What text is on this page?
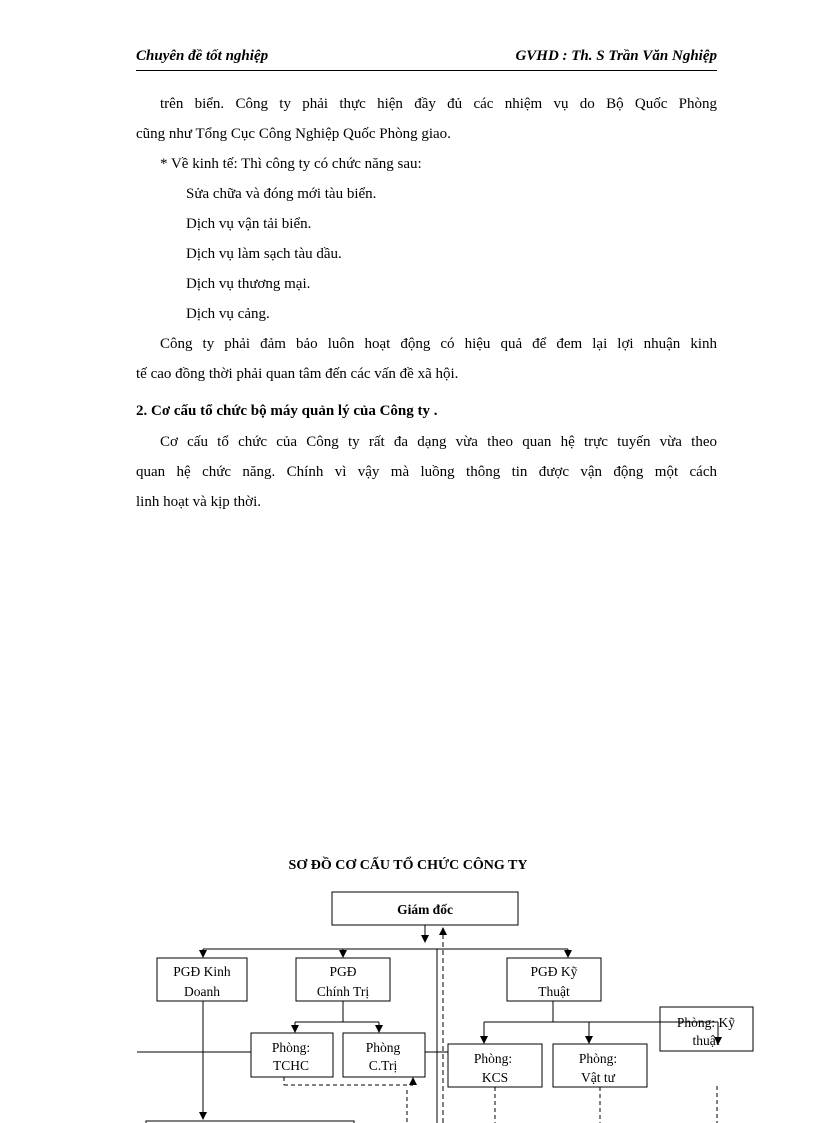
Chuyên đề tốt nghiệp	GVHD : Th. S Trần Văn Nghiệp
trên biển. Công ty phải thực hiện đầy đủ các nhiệm vụ do Bộ Quốc Phòng
cũng như Tổng Cục Công Nghiệp Quốc Phòng giao.
* Về kinh tế: Thì công ty có chức năng sau:
Sửa chữa và đóng mới tàu biển.
Dịch vụ vận tải biển.
Dịch vụ làm sạch tàu dầu.
Dịch vụ thương mại.
Dịch vụ cảng.
Công ty phải đảm bảo luôn hoạt động có hiệu quả để đem lại lợi nhuận kinh
tế cao đồng thời phải quan tâm đến các vấn đề xã hội.
2. Cơ cấu tổ chức bộ máy quản lý của Công ty .
Cơ cấu tổ chức của Công ty rất đa dạng vừa theo quan hệ trực tuyến vừa theo
quan hệ chức năng. Chính vì vậy mà luồng thông tin được vận động một cách
linh hoạt và kịp thời.
SƠ ĐỒ CƠ CẤU TỔ CHỨC CÔNG TY
Giám đốc
PGĐ Kinh
Doanh
PGĐ
Chính Trị
PGĐ Kỹ
Thuật
Phòng:
TCHC
Phòng
C.Trị	Phòng:
KCS
Phòng:
Vật tư
Phòng: Kỹ
thuật
